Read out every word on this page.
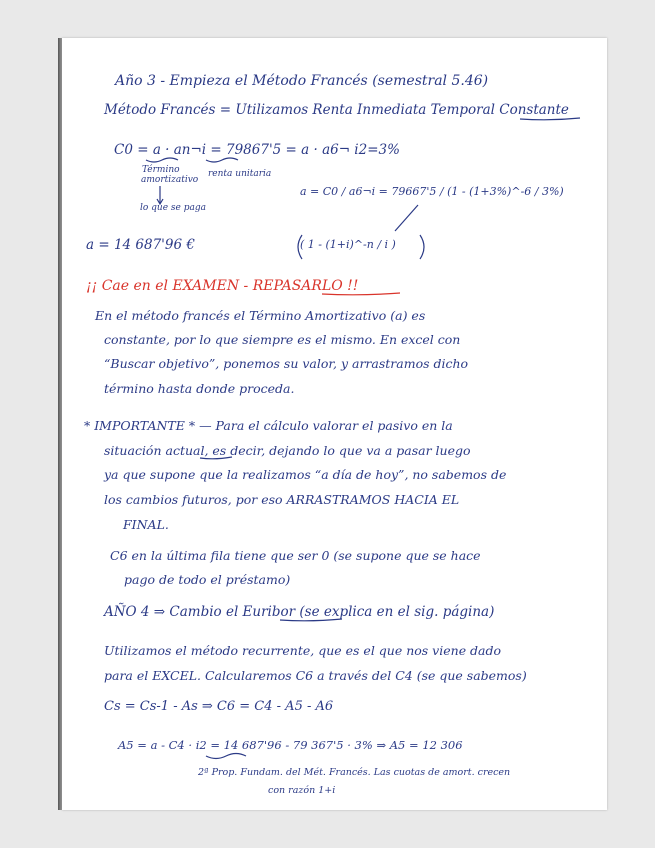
Año 3 - Empieza el Método Francés (semestral 5.46)
Método Francés = Utilizamos Renta Inmediata Temporal Constante
C0 = a · an¬i = 79867'5 = a · a6¬ i2=3%
Término
amortizativo
renta unitaria
a = C0 / a6¬i = 79667'5 / (1 - (1+3%)^-6 / 3%)
lo que se paga
a = 14 687'96 €	( 1 - (1+i)^-n / i )
¡¡ Cae en el EXAMEN - REPASARLO !!
En el método francés el Término Amortizativo (a) es
constante, por lo que siempre es el mismo. En excel con
“Buscar objetivo”, ponemos su valor, y arrastramos dicho
término hasta donde proceda.
* IMPORTANTE * — Para el cálculo valorar el pasivo en la
situación actual, es decir, dejando lo que va a pasar luego
ya que supone que la realizamos “a día de hoy”, no sabemos de
los cambios futuros, por eso ARRASTRAMOS HACIA EL
FINAL.
C6 en la última fila tiene que ser 0 (se supone que se hace
pago de todo el préstamo)
AÑO 4 ⇒ Cambio el Euribor (se explica en el sig. página)
Utilizamos el método recurrente, que es el que nos viene dado
para el EXCEL. Calcularemos C6 a través del C4 (se que sabemos)
Cs = Cs-1 - As ⇒ C6 = C4 - A5 - A6
A5 = a - C4 · i2 = 14 687'96 - 79 367'5 · 3% ⇒ A5 = 12 306
2ª Prop. Fundam. del Mét. Francés. Las cuotas de amort. crecen
con razón 1+i
